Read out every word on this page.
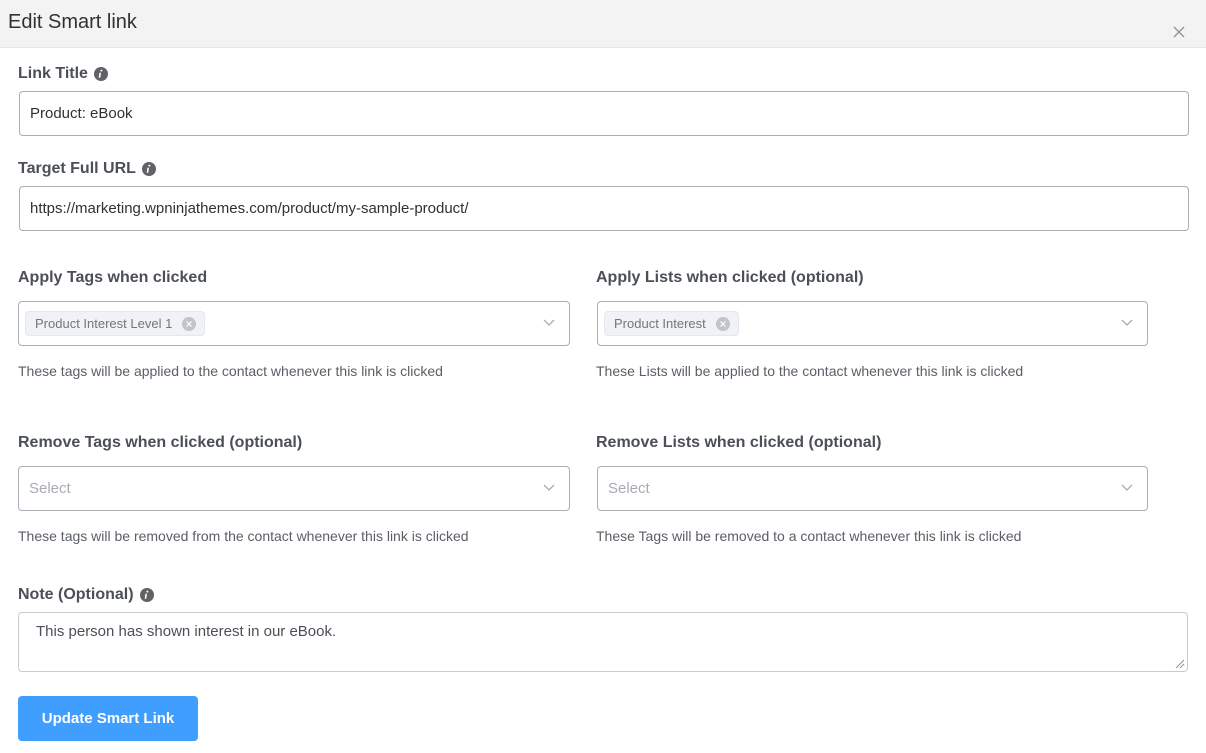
Edit Smart link
Link Title
Product: eBook
Target Full URL
https://marketing.wpninjathemes.com/product/my-sample-product/
Apply Tags when clicked
Product Interest Level 1
These tags will be applied to the contact whenever this link is clicked
Apply Lists when clicked (optional)
Product Interest
These Lists will be applied to the contact whenever this link is clicked
Remove Tags when clicked (optional)
Select
These tags will be removed from the contact whenever this link is clicked
Remove Lists when clicked (optional)
Select
These Tags will be removed to a contact whenever this link is clicked
Note (Optional)
This person has shown interest in our eBook.
Update Smart Link
